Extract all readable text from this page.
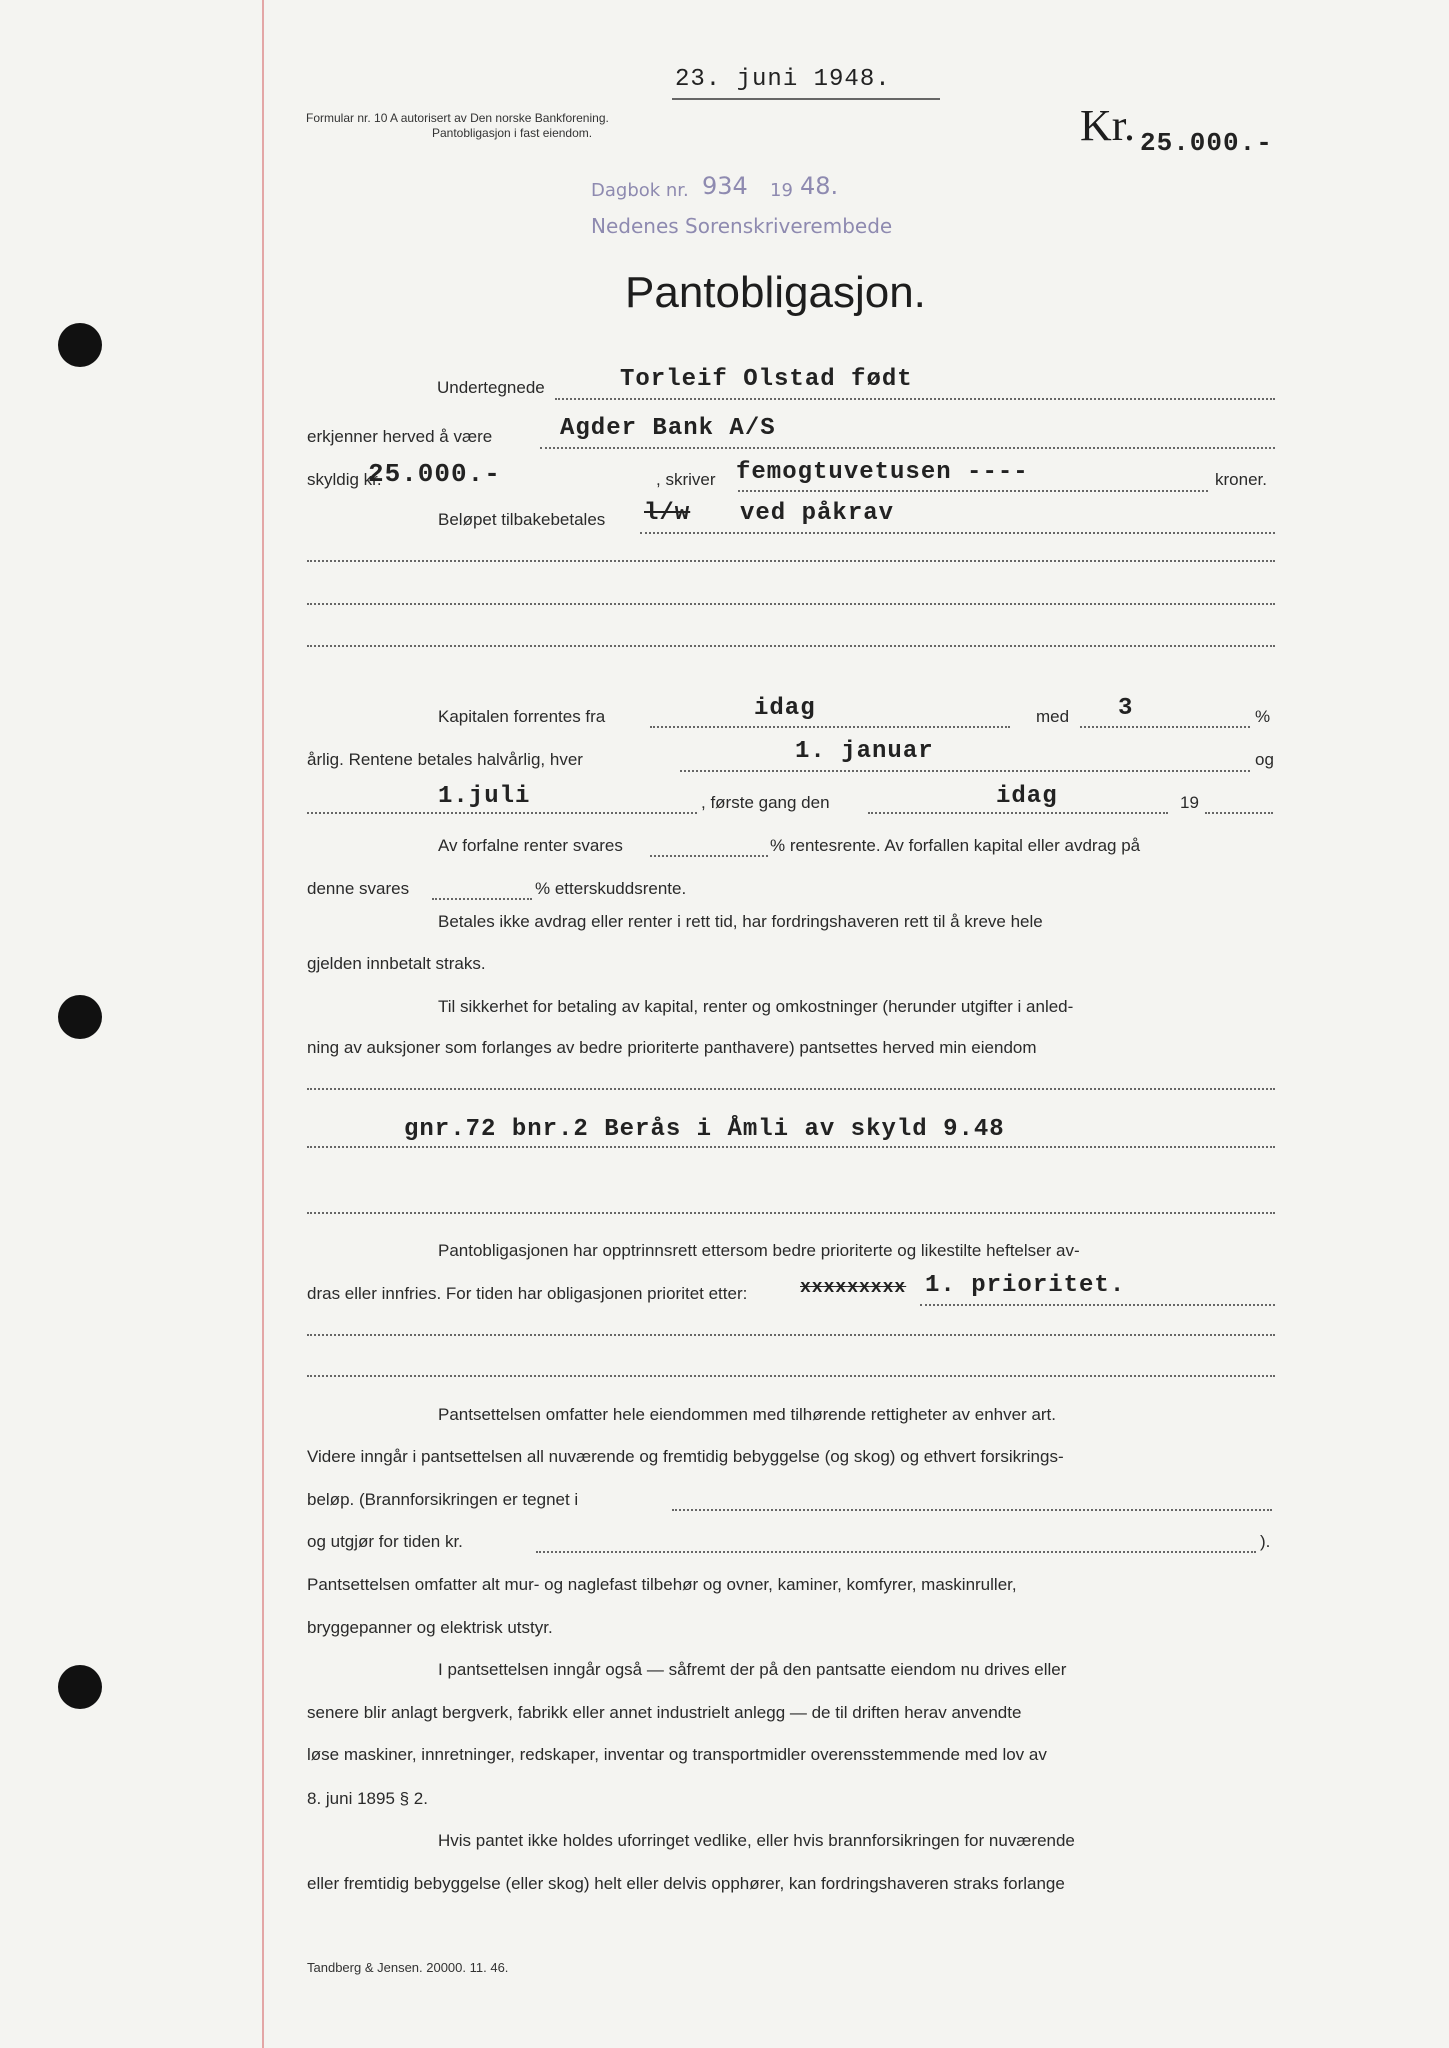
23. juni 1948.
Formular nr. 10 A autorisert av Den norske Bankforening.
Pantobligasjon i fast eiendom.	Kr. 25.000.-
Dagbok nr. 934 19 48.
Nedenes Sorenskriverembede
Pantobligasjon.
Undertegnede	Torleif Olstad født
erkjenner herved å være	Agder Bank A/S
skyldig kr.
25.000.-	, skriver femogtuvetusen ----	kroner.
Beløpet tilbakebetales l/w ved påkrav
Kapitalen forrentes fra	idag	med 3	%
årlig. Rentene betales halvårlig, hver	1. januar	og
1.juli	, første gang den	idag	19
Av forfalne renter svares	% rentesrente. Av forfallen kapital eller avdrag på
denne svares	% etterskuddsrente.
Betales ikke avdrag eller renter i rett tid, har fordringshaveren rett til å kreve hele
gjelden innbetalt straks.
Til sikkerhet for betaling av kapital, renter og omkostninger (herunder utgifter i anled-
ning av auksjoner som forlanges av bedre prioriterte panthavere) pantsettes herved min eiendom
gnr.72 bnr.2 Berås i Åmli av skyld 9.48
Pantobligasjonen har opptrinnsrett ettersom bedre prioriterte og likestilte heftelser av-
dras eller innfries. For tiden har obligasjonen prioritet etter:	xxxxxxxxx 1. prioritet.
Pantsettelsen omfatter hele eiendommen med tilhørende rettigheter av enhver art.
Videre inngår i pantsettelsen all nuværende og fremtidig bebyggelse (og skog) og ethvert forsikrings-
beløp. (Brannforsikringen er tegnet i
og utgjør for tiden kr.	).
Pantsettelsen omfatter alt mur- og naglefast tilbehør og ovner, kaminer, komfyrer, maskinruller,
bryggepanner og elektrisk utstyr.
I pantsettelsen inngår også — såfremt der på den pantsatte eiendom nu drives eller
senere blir anlagt bergverk, fabrikk eller annet industrielt anlegg — de til driften herav anvendte
løse maskiner, innretninger, redskaper, inventar og transportmidler overensstemmende med lov av
8. juni 1895 § 2.
Hvis pantet ikke holdes uforringet vedlike, eller hvis brannforsikringen for nuværende
eller fremtidig bebyggelse (eller skog) helt eller delvis opphører, kan fordringshaveren straks forlange
Tandberg & Jensen. 20000. 11. 46.
